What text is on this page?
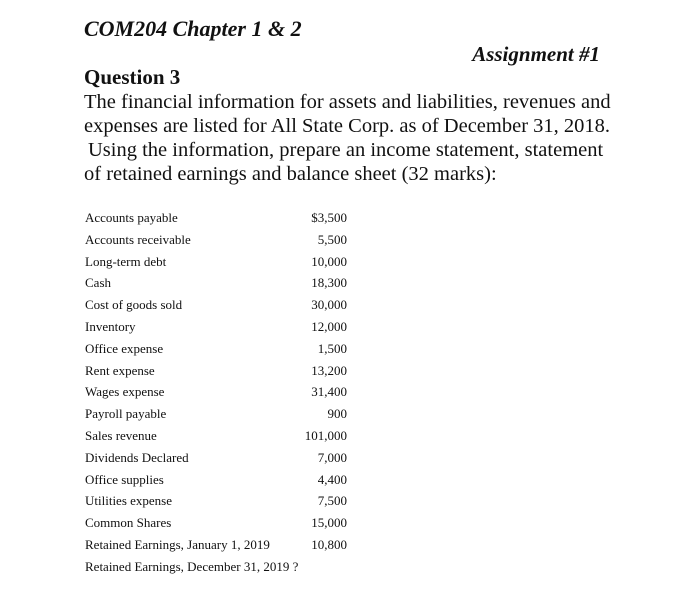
COM204 Chapter 1 & 2
Assignment #1
Question 3
The financial information for assets and liabilities, revenues and
expenses are listed for All State Corp. as of December 31, 2018.
Using the information, prepare an income statement, statement
of retained earnings and balance sheet (32 marks):
Accounts payable	$3,500
Accounts receivable	5,500
Long-term debt	10,000
Cash	18,300
Cost of goods sold	30,000
Inventory	12,000
Office expense	1,500
Rent expense	13,200
Wages expense	31,400
Payroll payable	900
Sales revenue	101,000
Dividends Declared	7,000
Office supplies	4,400
Utilities expense	7,500
Common Shares	15,000
Retained Earnings, January 1, 2019	10,800
Retained Earnings, December 31, 2019 ?
